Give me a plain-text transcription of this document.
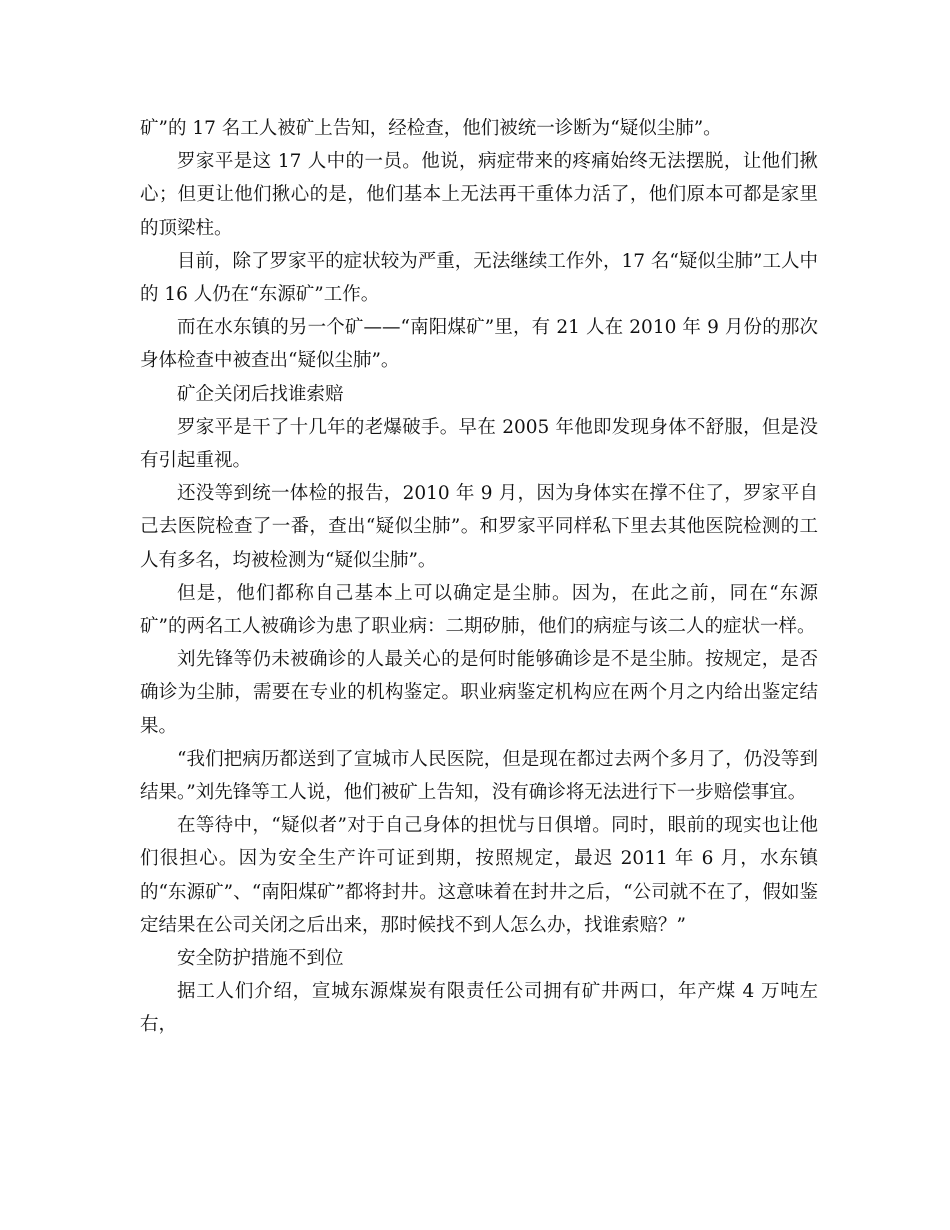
矿”的 17 名工人被矿上告知，经检查，他们被统一诊断为“疑似尘肺”。

罗家平是这 17 人中的一员。他说，病症带来的疼痛始终无法摆脱，让他们揪心；但更让他们揪心的是，他们基本上无法再干重体力活了，他们原本可都是家里的顶梁柱。

目前，除了罗家平的症状较为严重，无法继续工作外，17 名“疑似尘肺”工人中的 16 人仍在“东源矿”工作。

而在水东镇的另一个矿——“南阳煤矿”里，有 21 人在 2010 年 9 月份的那次身体检查中被查出“疑似尘肺”。

矿企关闭后找谁索赔

罗家平是干了十几年的老爆破手。早在 2005 年他即发现身体不舒服，但是没有引起重视。

还没等到统一体检的报告，2010 年 9 月，因为身体实在撑不住了，罗家平自己去医院检查了一番，查出“疑似尘肺”。和罗家平同样私下里去其他医院检测的工人有多名，均被检测为“疑似尘肺”。

但是，他们都称自己基本上可以确定是尘肺。因为，在此之前，同在“东源矿”的两名工人被确诊为患了职业病：二期矽肺，他们的病症与该二人的症状一样。

刘先锋等仍未被确诊的人最关心的是何时能够确诊是不是尘肺。按规定，是否确诊为尘肺，需要在专业的机构鉴定。职业病鉴定机构应在两个月之内给出鉴定结果。

“我们把病历都送到了宣城市人民医院，但是现在都过去两个多月了，仍没等到结果。”刘先锋等工人说，他们被矿上告知，没有确诊将无法进行下一步赔偿事宜。

在等待中，“疑似者”对于自己身体的担忧与日俱增。同时，眼前的现实也让他们很担心。因为安全生产许可证到期，按照规定，最迟 2011 年 6 月，水东镇的“东源矿”、“南阳煤矿”都将封井。这意味着在封井之后，“公司就不在了，假如鉴定结果在公司关闭之后出来，那时候找不到人怎么办，找谁索赔？”

安全防护措施不到位

据工人们介绍，宣城东源煤炭有限责任公司拥有矿井两口，年产煤 4 万吨左右，
